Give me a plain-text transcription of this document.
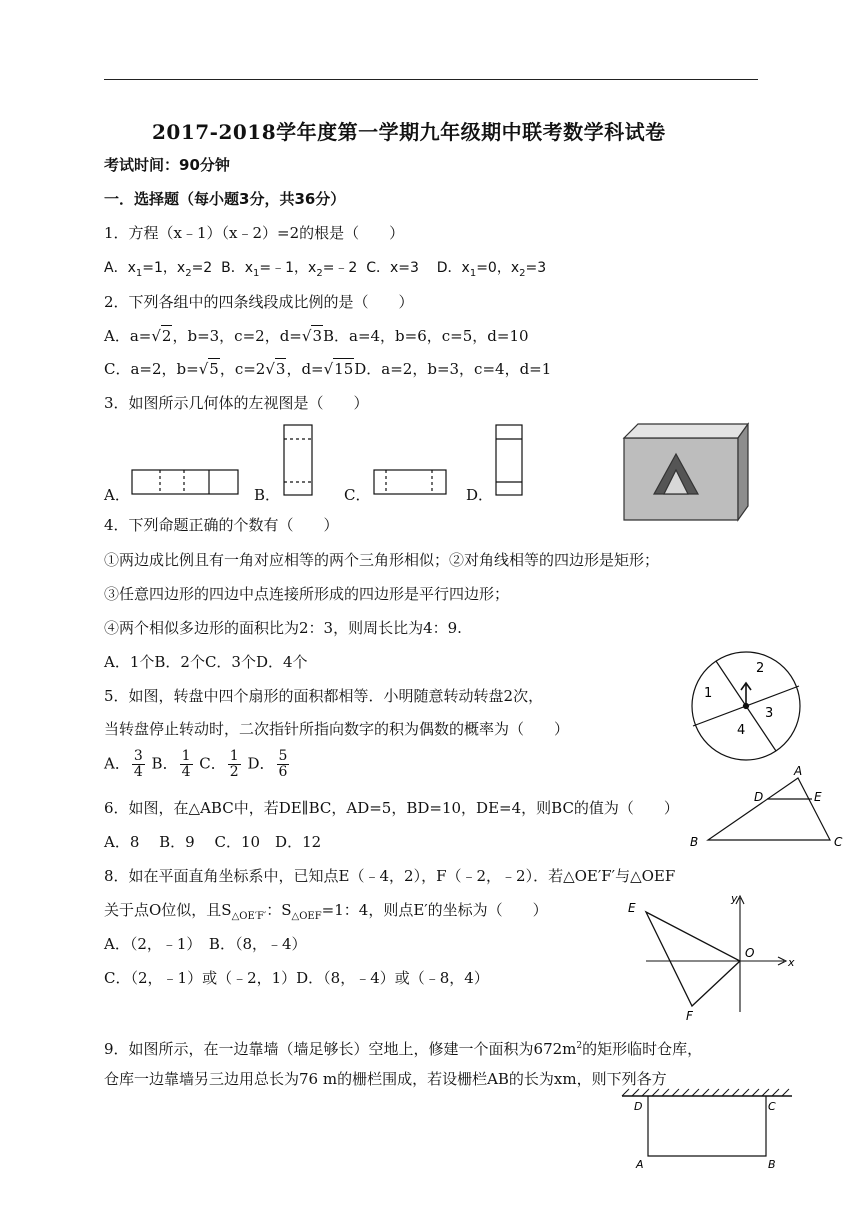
2017-2018学年度第一学期九年级期中联考数学科试卷
考试时间：90分钟
一．选择题（每小题3分，共36分）
1．方程（x﹣1）（x﹣2）=2的根是（　　）
A．$x_1=1$，$x_2=2$ B．$x_1=﹣1$，$x_2=﹣2$ C．x=3 D．$x_1=0$，$x_2=3$
2．下列各组中的四条线段成比例的是（　　）
A．a=√2，b=3，c=2，d=√3B．a=4，b=6，c=5，d=10
C．a=2，b=√5，c=2√3，d=√15D．a=2，b=3，c=4，d=1
3．如图所示几何体的左视图是（　　）
A．	B．	C．	D．
1
2
3
4
A
B	C
D	E
E
F
O
x
y
D	C
A	B
4．下列命题正确的个数有（　　）
①两边成比例且有一角对应相等的两个三角形相似；②对角线相等的四边形是矩形；
③任意四边形的四边中点连接所形成的四边形是平行四边形；
④两个相似多边形的面积比为2：3，则周长比为4：9.
A．1个B．2个C．3个D．4个
5．如图，转盘中四个扇形的面积都相等．小明随意转动转盘2次，
当转盘停止转动时，二次指针所指向数字的积为偶数的概率为（　　）
A． $\frac{3}{4}$ B． $\frac{1}{4}$ C． $\frac{1}{2}$ D． $\frac{5}{6}$
6．如图，在△ABC中，若DE∥BC，AD=5，BD=10，DE=4，则BC的值为（　　）
A．8　 B．9　 C．10　D．12
8．如在平面直角坐标系中，已知点E（﹣4，2），F（﹣2，﹣2）．若△OE′F′与△OEF
关于点O位似，且$S_{\triangle OE'F'}$：$S_{\triangle OEF}=1$：4，则点E′的坐标为（　　）
A．（2，﹣1）　B．（8，﹣4）
C．（2，﹣1）或（﹣2，1）D．（8，﹣4）或（﹣8，4）
9．如图所示，在一边靠墙（墙足够长）空地上，修建一个面积为$672m^2$的矩形临时仓库，
仓库一边靠墙另三边用总长为76 m的栅栏围成，若设栅栏AB的长为xm，则下列各方
